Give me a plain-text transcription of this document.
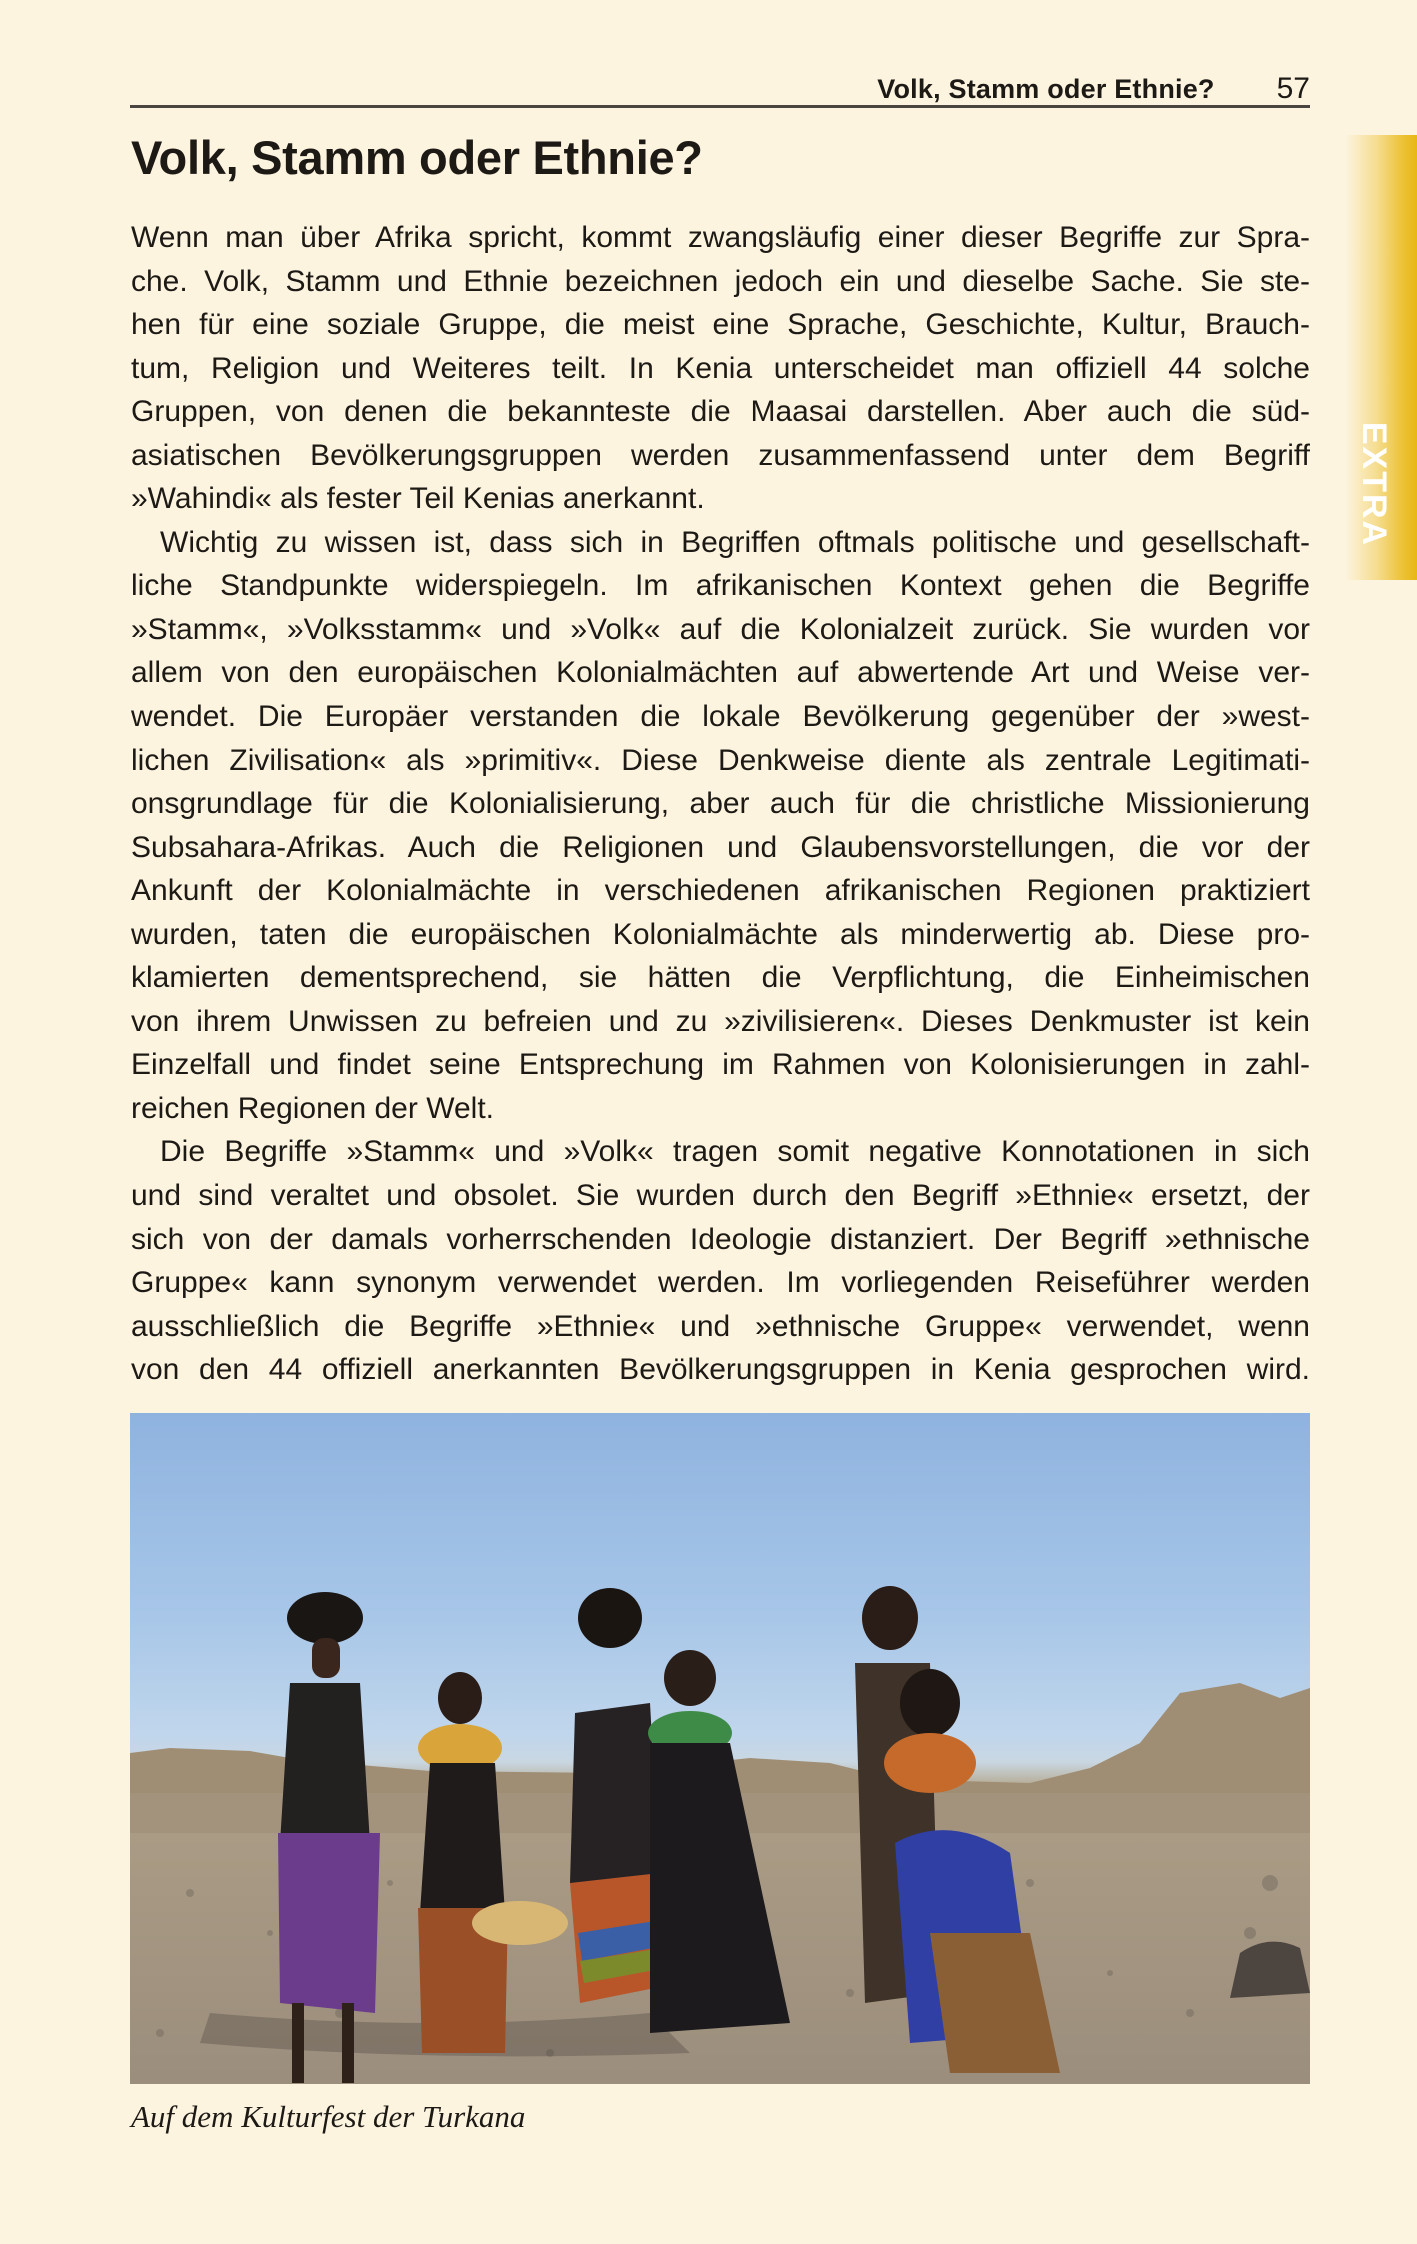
Volk, Stamm oder Ethnie? 57
EXTRA
Volk, Stamm oder Ethnie?
Wenn man über Afrika spricht, kommt zwangsläufig einer dieser Begriffe zur Spra-
che. Volk, Stamm und Ethnie bezeichnen jedoch ein und dieselbe Sache. Sie ste-
hen für eine soziale Gruppe, die meist eine Sprache, Geschichte, Kultur, Brauch-
tum, Religion und Weiteres teilt. In Kenia unterscheidet man offiziell 44 solche
Gruppen, von denen die bekannteste die Maasai darstellen. Aber auch die süd-
asiatischen Bevölkerungsgruppen werden zusammenfassend unter dem Begriff
»Wahindi« als fester Teil Kenias anerkannt.
Wichtig zu wissen ist, dass sich in Begriffen oftmals politische und gesellschaft-
liche Standpunkte widerspiegeln. Im afrikanischen Kontext gehen die Begriffe
»Stamm«, »Volksstamm« und »Volk« auf die Kolonialzeit zurück. Sie wurden vor
allem von den europäischen Kolonialmächten auf abwertende Art und Weise ver-
wendet. Die Europäer verstanden die lokale Bevölkerung gegenüber der »west-
lichen Zivilisation« als »primitiv«. Diese Denkweise diente als zentrale Legitimati-
onsgrundlage für die Kolonialisierung, aber auch für die christliche Missionierung
Subsahara-Afrikas. Auch die Religionen und Glaubensvorstellungen, die vor der
Ankunft der Kolonialmächte in verschiedenen afrikanischen Regionen praktiziert
wurden, taten die europäischen Kolonialmächte als minderwertig ab. Diese pro-
klamierten dementsprechend, sie hätten die Verpflichtung, die Einheimischen
von ihrem Unwissen zu befreien und zu »zivilisieren«. Dieses Denkmuster ist kein
Einzelfall und findet seine Entsprechung im Rahmen von Kolonisierungen in zahl-
reichen Regionen der Welt.
Die Begriffe »Stamm« und »Volk« tragen somit negative Konnotationen in sich
und sind veraltet und obsolet. Sie wurden durch den Begriff »Ethnie« ersetzt, der
sich von der damals vorherrschenden Ideologie distanziert. Der Begriff »ethnische
Gruppe« kann synonym verwendet werden. Im vorliegenden Reiseführer werden
ausschließlich die Begriffe »Ethnie« und »ethnische Gruppe« verwendet, wenn
von den 44 offiziell anerkannten Bevölkerungsgruppen in Kenia gesprochen wird.
Auf dem Kulturfest der Turkana
